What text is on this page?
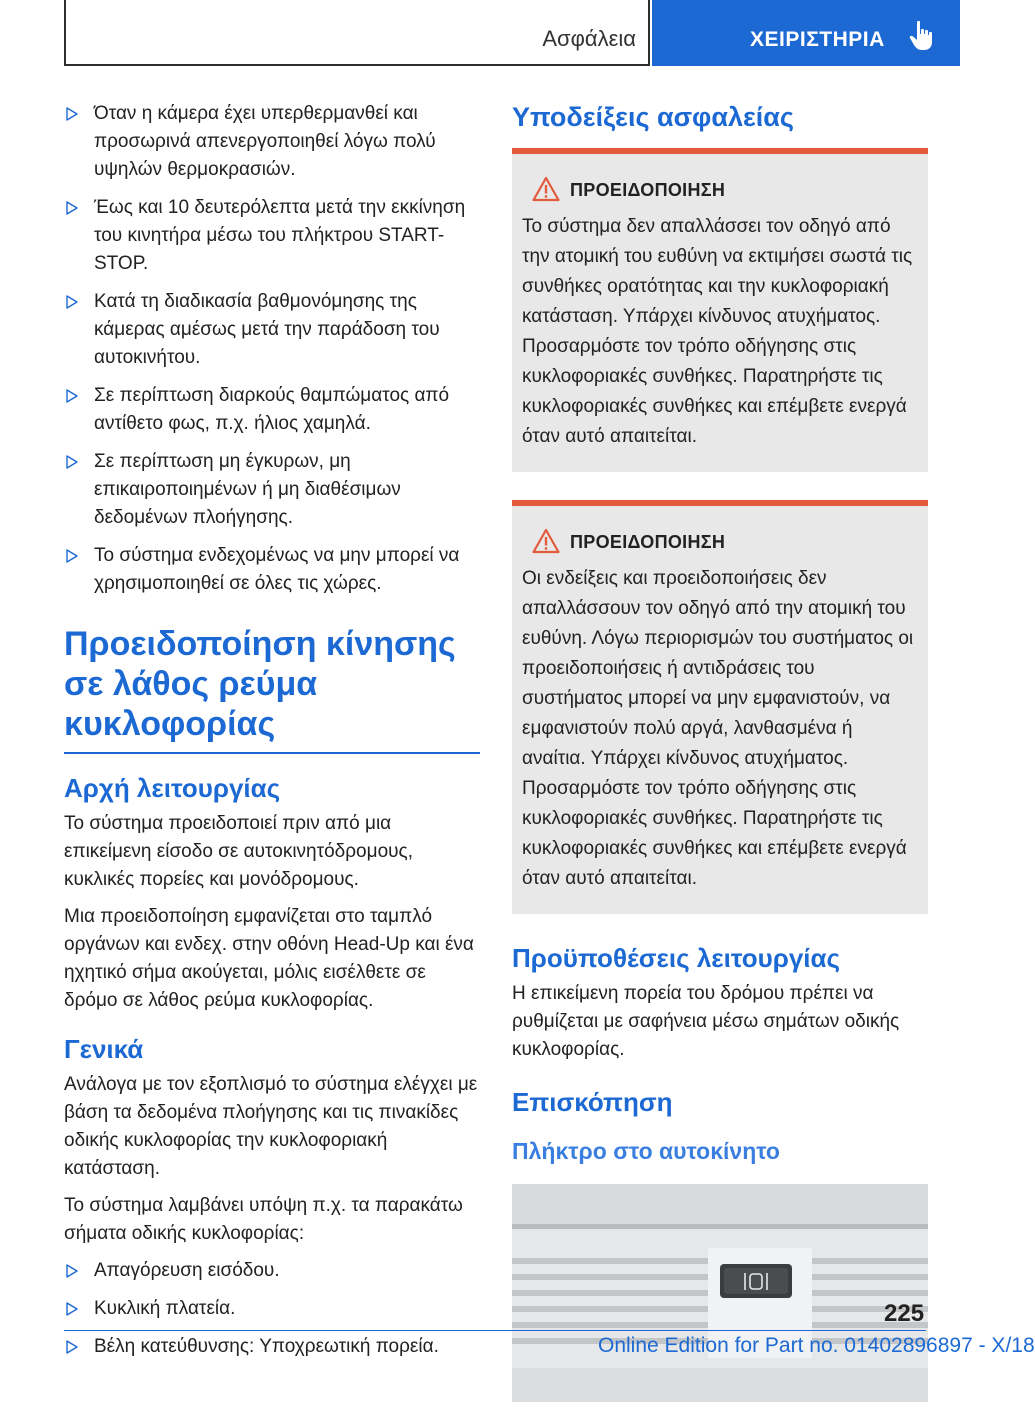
Ασφάλεια	ΧΕΙΡΙΣΤΗΡΙΑ
Όταν η κάμερα έχει υπερθερμανθεί και προσωρινά απενεργοποιηθεί λόγω πολύ υψηλών θερμοκρασιών.
Έως και 10 δευτερόλεπτα μετά την εκκίνηση του κινητήρα μέσω του πλήκτρου START-STOP.
Κατά τη διαδικασία βαθμονόμησης της κάμερας αμέσως μετά την παράδοση του αυτοκινήτου.
Σε περίπτωση διαρκούς θαμπώματος από αντίθετο φως, π.χ. ήλιος χαμηλά.
Σε περίπτωση μη έγκυρων, μη επικαιροποιημένων ή μη διαθέσιμων δεδομένων πλοήγησης.
Το σύστημα ενδεχομένως να μην μπορεί να χρησιμοποιηθεί σε όλες τις χώρες.
Προειδοποίηση κίνησης σε λάθος ρεύμα κυκλοφορίας
Αρχή λειτουργίας

Το σύστημα προειδοποιεί πριν από μια επικείμενη είσοδο σε αυτοκινητόδρομους, κυκλικές πορείες και μονόδρομους.

Μια προειδοποίηση εμφανίζεται στο ταμπλό οργάνων και ενδεχ. στην οθόνη Head-Up και ένα ηχητικό σήμα ακούγεται, μόλις εισέλθετε σε δρόμο σε λάθος ρεύμα κυκλοφορίας.

Γενικά

Ανάλογα με τον εξοπλισμό το σύστημα ελέγχει με βάση τα δεδομένα πλοήγησης και τις πινακίδες οδικής κυκλοφορίας την κυκλοφοριακή κατάσταση.

Το σύστημα λαμβάνει υπόψη π.χ. τα παρακάτω σήματα οδικής κυκλοφορίας:

Απαγόρευση εισόδου.
Κυκλική πλατεία.
Βέλη κατεύθυνσης: Υποχρεωτική πορεία.
Υποδείξεις ασφαλείας
ΠΡΟΕΙΔΟΠΟΙΗΣΗ

Το σύστημα δεν απαλλάσσει τον οδηγό από την ατομική του ευθύνη να εκτιμήσει σωστά τις συνθήκες ορατότητας και την κυκλοφοριακή κατάσταση. Υπάρχει κίνδυνος ατυχήματος. Προσαρμόστε τον τρόπο οδήγησης στις κυκλοφοριακές συνθήκες. Παρατηρήστε τις κυκλοφοριακές συνθήκες και επέμβετε ενεργά όταν αυτό απαιτείται.

ΠΡΟΕΙΔΟΠΟΙΗΣΗ

Οι ενδείξεις και προειδοποιήσεις δεν απαλλάσσουν τον οδηγό από την ατομική του ευθύνη. Λόγω περιορισμών του συστήματος οι προειδοποιήσεις ή αντιδράσεις του συστήματος μπορεί να μην εμφανιστούν, να εμφανιστούν πολύ αργά, λανθασμένα ή αναίτια. Υπάρχει κίνδυνος ατυχήματος. Προσαρμόστε τον τρόπο οδήγησης στις κυκλοφοριακές συνθήκες. Παρατηρήστε τις κυκλοφοριακές συνθήκες και επέμβετε ενεργά όταν αυτό απαιτείται.

Προϋποθέσεις λειτουργίας

Η επικείμενη πορεία του δρόμου πρέπει να ρυθμίζεται με σαφήνεια μέσω σημάτων οδικής κυκλοφορίας.

Επισκόπηση
Πλήκτρο στο αυτοκίνητο
225
Online Edition for Part no. 01402896897 - X/18
